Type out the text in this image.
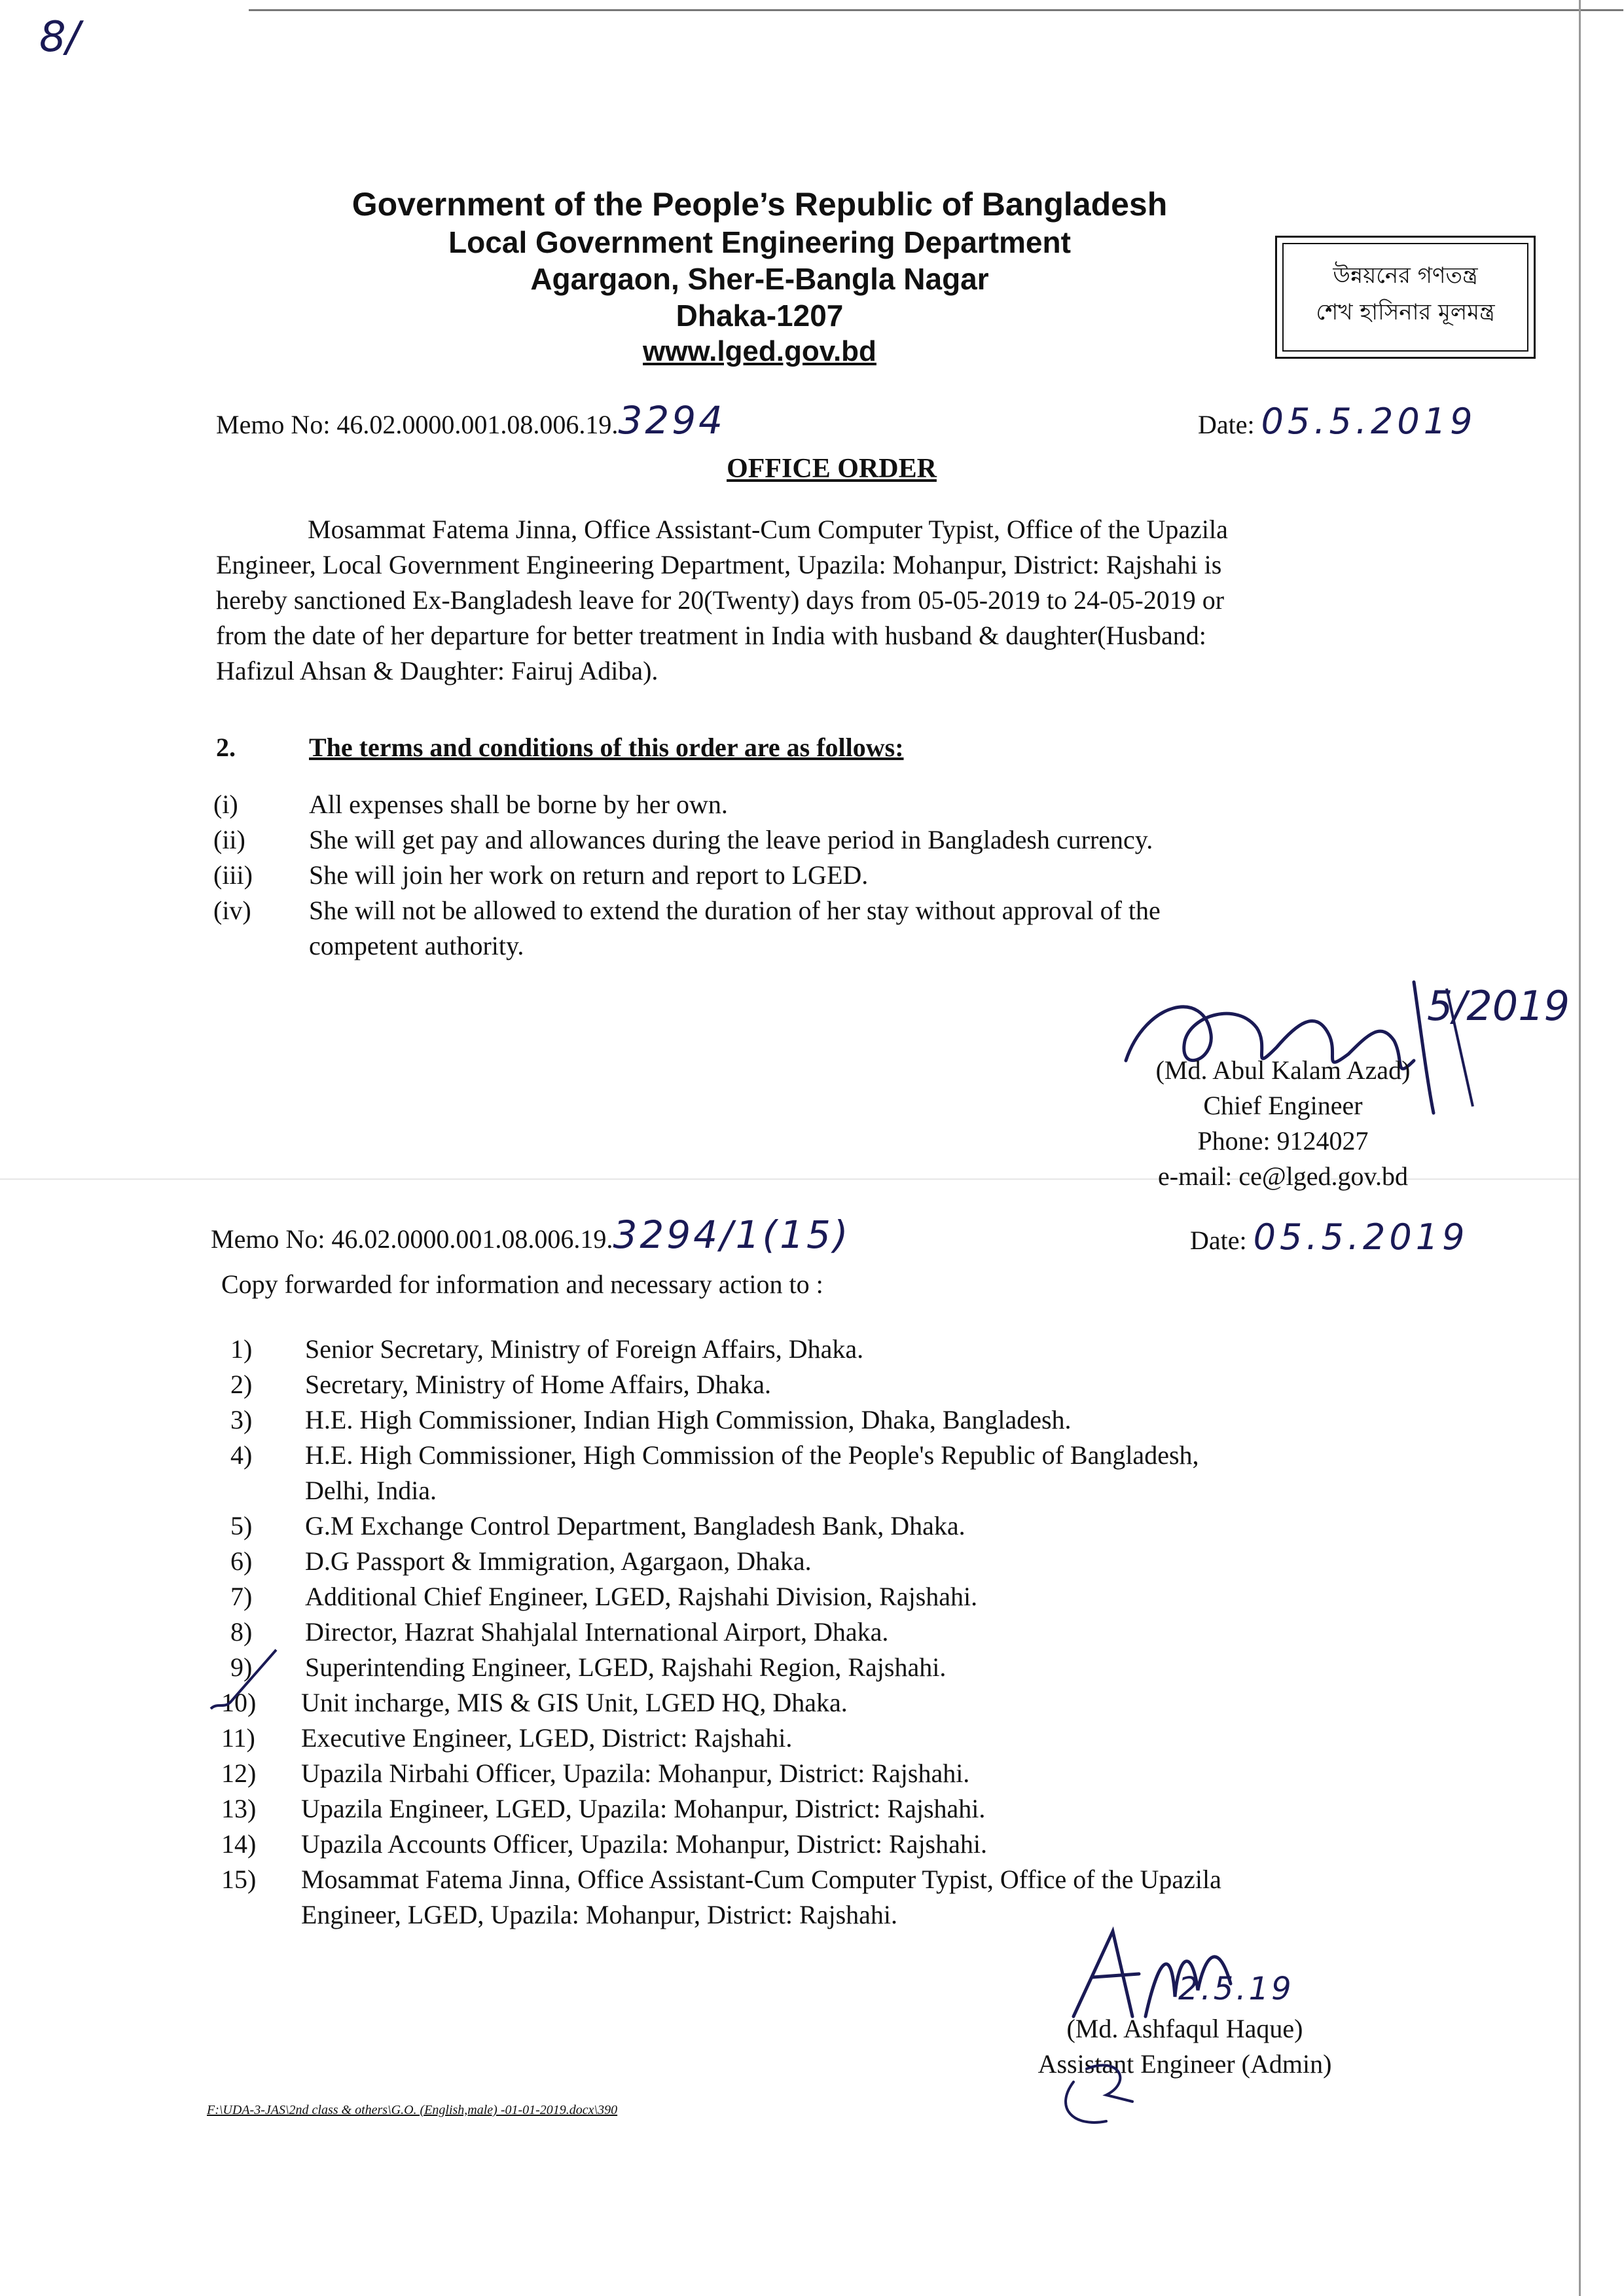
8/
Government of the People’s Republic of Bangladesh
Local Government Engineering Department
Agargaon, Sher-E-Bangla Nagar
Dhaka-1207
www.lged.gov.bd
উন্নয়নের গণতন্ত্র
শেখ হাসিনার মূলমন্ত্র
Memo No: 46.02.0000.001.08.006.19.3294	Date: 05.5.2019
OFFICE ORDER
Mosammat Fatema Jinna, Office Assistant-Cum Computer Typist, Office of the Upazila
Engineer, Local Government Engineering Department, Upazila: Mohanpur, District: Rajshahi is
hereby sanctioned Ex-Bangladesh leave for 20(Twenty) days from 05-05-2019 to 24-05-2019 or
from the date of her departure for better treatment in India with husband & daughter(Husband:
Hafizul Ahsan & Daughter: Fairuj Adiba).
2.	The terms and conditions of this order are as follows:
(i)	All expenses shall be borne by her own.
(ii) She will get pay and allowances during the leave period in Bangladesh currency.
(iii) She will join her work on return and report to LGED.
(iv) She will not be allowed to extend the duration of her stay without approval of the
competent authority.
5/2019
(Md. Abul Kalam Azad)
Chief Engineer
Phone: 9124027
e-mail: ce@lged.gov.bd
Memo No: 46.02.0000.001.08.006.19.3294/1(15)	Date: 05.5.2019
Copy forwarded for information and necessary action to :
1) Senior Secretary, Ministry of Foreign Affairs, Dhaka.
2) Secretary, Ministry of Home Affairs, Dhaka.
3) H.E. High Commissioner, Indian High Commission, Dhaka, Bangladesh.
4) H.E. High Commissioner, High Commission of the People's Republic of Bangladesh,
Delhi, India.
5) G.M Exchange Control Department, Bangladesh Bank, Dhaka.
6) D.G Passport & Immigration, Agargaon, Dhaka.
7) Additional Chief Engineer, LGED, Rajshahi Division, Rajshahi.
8) Director, Hazrat Shahjalal International Airport, Dhaka.
9) Superintending Engineer, LGED, Rajshahi Region, Rajshahi.
10) Unit incharge, MIS & GIS Unit, LGED HQ, Dhaka.
11) Executive Engineer, LGED, District: Rajshahi.
12) Upazila Nirbahi Officer, Upazila: Mohanpur, District: Rajshahi.
13) Upazila Engineer, LGED, Upazila: Mohanpur, District: Rajshahi.
14) Upazila Accounts Officer, Upazila: Mohanpur, District: Rajshahi.
15) Mosammat Fatema Jinna, Office Assistant-Cum Computer Typist, Office of the Upazila
Engineer, LGED, Upazila: Mohanpur, District: Rajshahi.
2.5.19
(Md. Ashfaqul Haque)
Assistant Engineer (Admin)
F:\UDA-3-JAS\2nd class & others\G.O. (English,male) -01-01-2019.docx\390
